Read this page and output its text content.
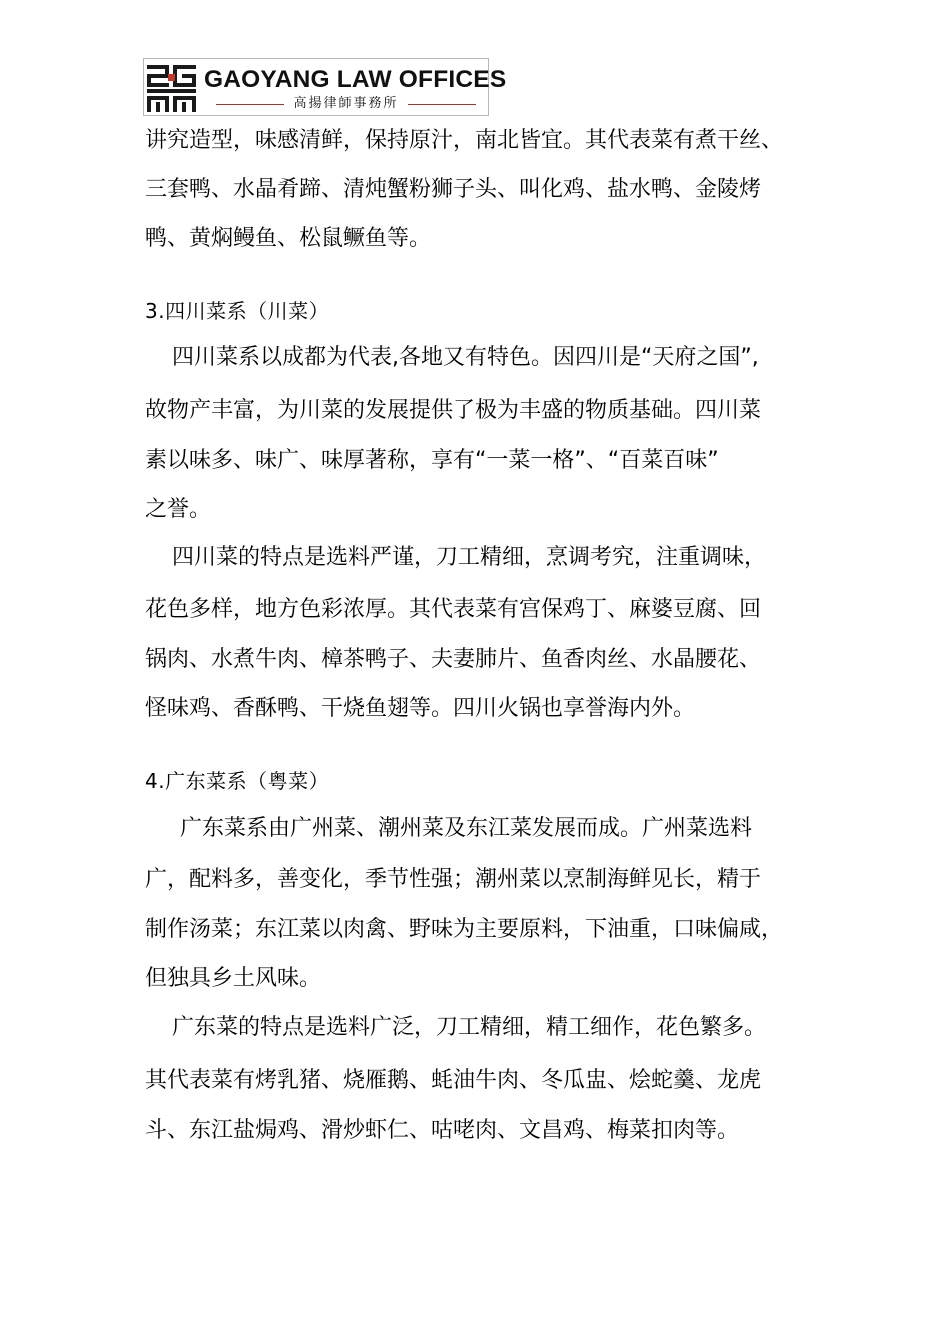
GAOYANG LAW OFFICES
高揚律師事務所
讲究造型，味感清鲜，保持原汁，南北皆宜。其代表菜有煮干丝、
三套鸭、水晶肴蹄、清炖蟹粉狮子头、叫化鸡、盐水鸭、金陵烤
鸭、黄焖鳗鱼、松鼠鳜鱼等。
3.四川菜系（川菜）
四川菜系以成都为代表,各地又有特色。因四川是“天府之国”,
故物产丰富，为川菜的发展提供了极为丰盛的物质基础。四川菜
素以味多、味广、味厚著称，享有“一菜一格”、“百菜百味”
之誉。
四川菜的特点是选料严谨，刀工精细，烹调考究，注重调味，
花色多样，地方色彩浓厚。其代表菜有宫保鸡丁、麻婆豆腐、回
锅肉、水煮牛肉、樟茶鸭子、夫妻肺片、鱼香肉丝、水晶腰花、
怪味鸡、香酥鸭、干烧鱼翅等。四川火锅也享誉海内外。
4.广东菜系（粤菜）
广东菜系由广州菜、潮州菜及东江菜发展而成。广州菜选料
广，配料多，善变化，季节性强；潮州菜以烹制海鲜见长，精于
制作汤菜；东江菜以肉禽、野味为主要原料，下油重，口味偏咸，
但独具乡土风味。
广东菜的特点是选料广泛，刀工精细，精工细作，花色繁多。
其代表菜有烤乳猪、烧雁鹅、蚝油牛肉、冬瓜盅、烩蛇羹、龙虎
斗、东江盐焗鸡、滑炒虾仁、咕咾肉、文昌鸡、梅菜扣肉等。
